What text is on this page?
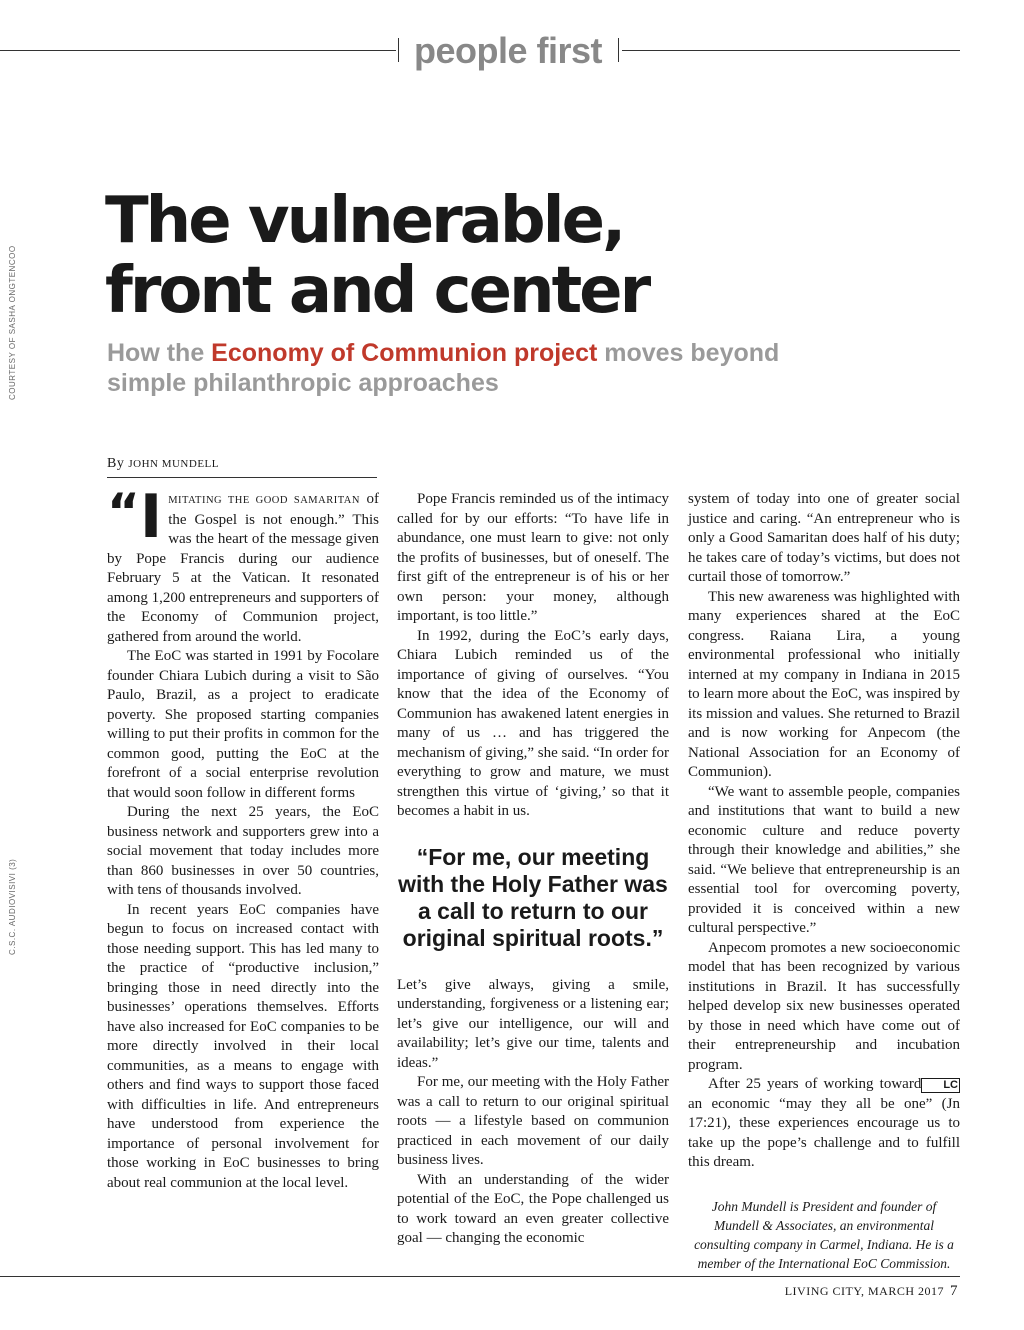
people first
COURTESY OF SASHA ONGTENCOO
C.S.C. AUDIOVISIVI (3)
The vulnerable,
front and center

How the Economy of Communion project moves beyond simple philanthropic approaches

By JOHN MUNDELL

“ I MITATING THE GOOD SAMARITAN of the Gospel is not enough.” This was the heart of the message given by Pope Francis during our audience February 5 at the Vatican. It resonated among 1,200 entrepreneurs and supporters of the Economy of Communion project, gathered from around the world.

The EoC was started in 1991 by Focolare founder Chiara Lubich during a visit to São Paulo, Brazil, as a project to eradicate poverty. She proposed starting companies willing to put their profits in common for the common good, putting the EoC at the forefront of a social enterprise revolution that would soon follow in different forms

During the next 25 years, the EoC business network and supporters grew into a social movement that today includes more than 860 businesses in over 50 countries, with tens of thousands involved.

In recent years EoC companies have begun to focus on increased contact with those needing support. This has led many to the practice of “productive inclusion,” bringing those in need directly into the businesses’ operations themselves. Efforts have also increased for EoC companies to be more directly involved in their local communities, as a means to engage with others and find ways to support those faced with difficulties in life. And entrepreneurs have understood from experience the importance of personal involvement for those working in EoC businesses to bring about real communion at the local level.

Pope Francis reminded us of the intimacy called for by our efforts: “To have life in abundance, one must learn to give: not only the profits of businesses, but of oneself. The first gift of the entrepreneur is of his or her own person: your money, although important, is too little.”

In 1992, during the EoC’s early days, Chiara Lubich reminded us of the importance of giving of ourselves. “You know that the idea of the Economy of Communion has awakened latent energies in many of us … and has triggered the mechanism of giving,” she said. “In order for everything to grow and mature, we must strengthen this virtue of ‘giving,’ so that it becomes a habit in us.

“For me, our meeting with the Holy Father was a call to return to our original spiritual roots.”

Let’s give always, giving a smile, understanding, forgiveness or a listening ear; let’s give our intelligence, our will and availability; let’s give our time, talents and ideas.”

For me, our meeting with the Holy Father was a call to return to our original spiritual roots — a lifestyle based on communion practiced in each movement of our daily business lives.

With an understanding of the wider potential of the EoC, the Pope challenged us to work toward an even greater collective goal — changing the economic

system of today into one of greater social justice and caring. “An entrepreneur who is only a Good Samaritan does half of his duty; he takes care of today’s victims, but does not curtail those of tomorrow.”

This new awareness was highlighted with many experiences shared at the EoC congress. Raiana Lira, a young environmental professional who initially interned at my company in Indiana in 2015 to learn more about the EoC, was inspired by its mission and values. She returned to Brazil and is now working for Anpecom (the National Association for an Economy of Communion).

“We want to assemble people, companies and institutions that want to build a new economic culture and reduce poverty through their knowledge and abilities,” she said. “We believe that entrepreneurship is an essential tool for overcoming poverty, provided it is conceived within a new cultural perspective.”

Anpecom promotes a new socioeconomic model that has been recognized by various institutions in Brazil. It has successfully helped develop six new businesses operated by those in need which have come out of their entrepreneurship and incubation program.

LC
After 25 years of working toward an economic “may they all be one” (Jn 17:21), these experiences encourage us to take up the pope’s challenge and to fulfill this dream.

John Mundell is President and founder of Mundell & Associates, an environmental consulting company in Carmel, Indiana. He is a member of the International EoC Commission.
LIVING CITY, MARCH 2017 7
